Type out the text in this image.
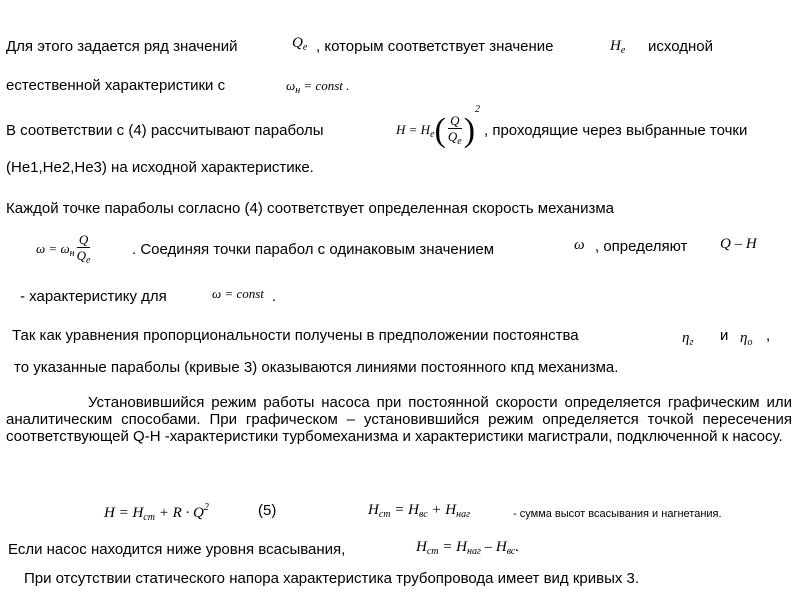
Для этого задается ряд значений	$Q_e$ , которым соответствует значение	$H_e$ исходной
естественной характеристики с	$\omega_н$ = const .
В соответствии с (4) рассчитывают параболы	$H = H_e( \frac{Q}{Q_e} )^2$
, проходящие через выбранные точки
(Нe1,Нe2,Нe3) на исходной характеристике.
Каждой точке параболы согласно (4) соответствует определенная скорость механизма
$\omega = \omega_н \frac{Q}{Q_e}$	. Соединяя точки парабол с одинаковым значением	ω , определяют Q – H
- характеристику для	ω = const .
Так как уравнения пропорциональности получены в предположении постоянства	$\eta_г$ и $\eta_о$ ,
то указанные параболы (кривые 3) оказываются линиями постоянного кпд механизма.
Установившийся режим работы насоса при постоянной скорости определяется графическим или аналитическим способами. При графическом – установившийся режим определяется точкой пересечения соответствующей Q-Н -характеристики турбомеханизма и характеристики магистрали, подключенной к насосу.
$H = H_{ст} + R \cdot Q^2$	(5)	$H_{ст} = H_{вс} + H_{наг}$	- сумма высот всасывания и нагнетания.
Если насос находится ниже уровня всасывания,	$H_{ст} = H_{наг} - H_{вс}$.
При отсутствии статического напора характеристика трубопровода имеет вид кривых 3.
